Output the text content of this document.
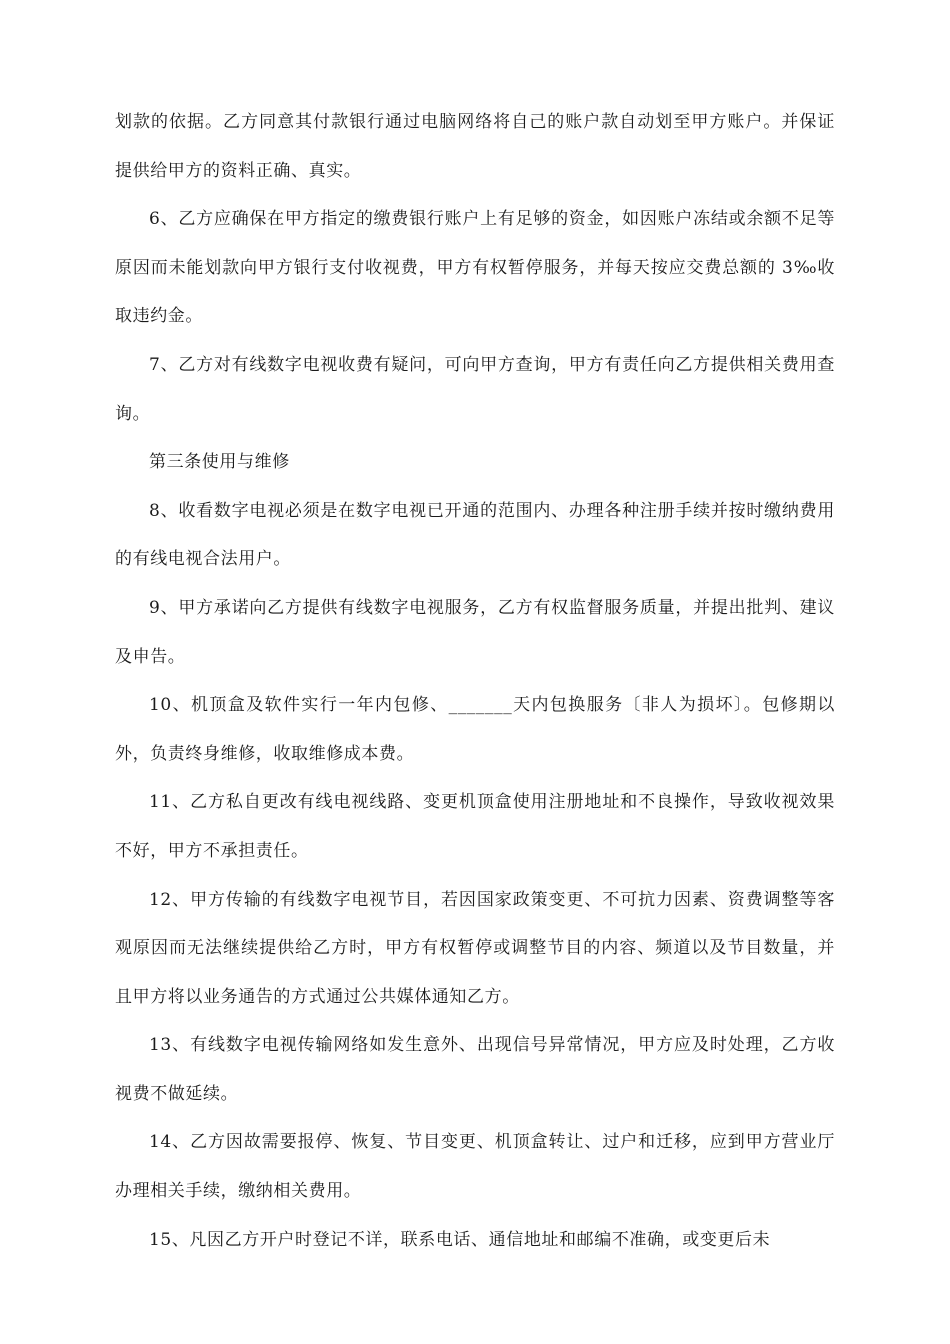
划款的依据。乙方同意其付款银行通过电脑网络将自己的账户款自动划至甲方账户。并保证提供给甲方的资料正确、真实。

6、乙方应确保在甲方指定的缴费银行账户上有足够的资金，如因账户冻结或余额不足等原因而未能划款向甲方银行支付收视费，甲方有权暂停服务，并每天按应交费总额的 3‰收取违约金。

7、乙方对有线数字电视收费有疑问，可向甲方查询，甲方有责任向乙方提供相关费用查询。

第三条使用与维修

8、收看数字电视必须是在数字电视已开通的范围内、办理各种注册手续并按时缴纳费用的有线电视合法用户。

9、甲方承诺向乙方提供有线数字电视服务，乙方有权监督服务质量，并提出批判、建议及申告。

10、机顶盒及软件实行一年内包修、_______天内包换服务〔非人为损坏〕。包修期以外，负责终身维修，收取维修成本费。

11、乙方私自更改有线电视线路、变更机顶盒使用注册地址和不良操作，导致收视效果不好，甲方不承担责任。

12、甲方传输的有线数字电视节目，若因国家政策变更、不可抗力因素、资费调整等客观原因而无法继续提供给乙方时，甲方有权暂停或调整节目的内容、频道以及节目数量，并且甲方将以业务通告的方式通过公共媒体通知乙方。

13、有线数字电视传输网络如发生意外、出现信号异常情况，甲方应及时处理，乙方收视费不做延续。

14、乙方因故需要报停、恢复、节目变更、机顶盒转让、过户和迁移，应到甲方营业厅办理相关手续，缴纳相关费用。

15、凡因乙方开户时登记不详，联系电话、通信地址和邮编不准确，或变更后未
